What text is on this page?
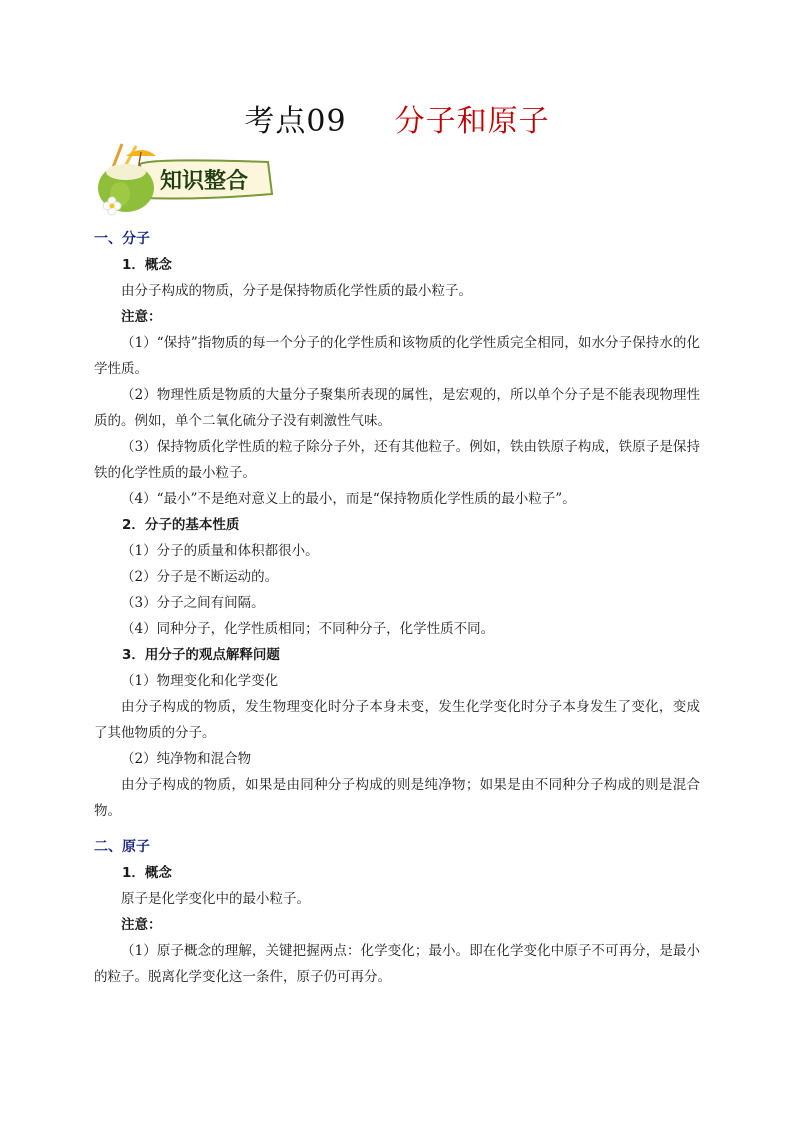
考点09 分子和原子
知识整合
一、分子
1．概念
由分子构成的物质，分子是保持物质化学性质的最小粒子。
注意：
（1）“保持”指物质的每一个分子的化学性质和该物质的化学性质完全相同，如水分子保持水的化学性质。
（2）物理性质是物质的大量分子聚集所表现的属性，是宏观的，所以单个分子是不能表现物理性质的。例如，单个二氧化硫分子没有刺激性气味。
（3）保持物质化学性质的粒子除分子外，还有其他粒子。例如，铁由铁原子构成，铁原子是保持铁的化学性质的最小粒子。
（4）“最小”不是绝对意义上的最小，而是“保持物质化学性质的最小粒子”。
2．分子的基本性质
（1）分子的质量和体积都很小。
（2）分子是不断运动的。
（3）分子之间有间隔。
（4）同种分子，化学性质相同；不同种分子，化学性质不同。
3．用分子的观点解释问题
（1）物理变化和化学变化
由分子构成的物质，发生物理变化时分子本身未变，发生化学变化时分子本身发生了变化，变成了其他物质的分子。
（2）纯净物和混合物
由分子构成的物质，如果是由同种分子构成的则是纯净物；如果是由不同种分子构成的则是混合物。
二、原子
1．概念
原子是化学变化中的最小粒子。
注意：
（1）原子概念的理解，关键把握两点：化学变化；最小。即在化学变化中原子不可再分，是最小的粒子。脱离化学变化这一条件，原子仍可再分。
